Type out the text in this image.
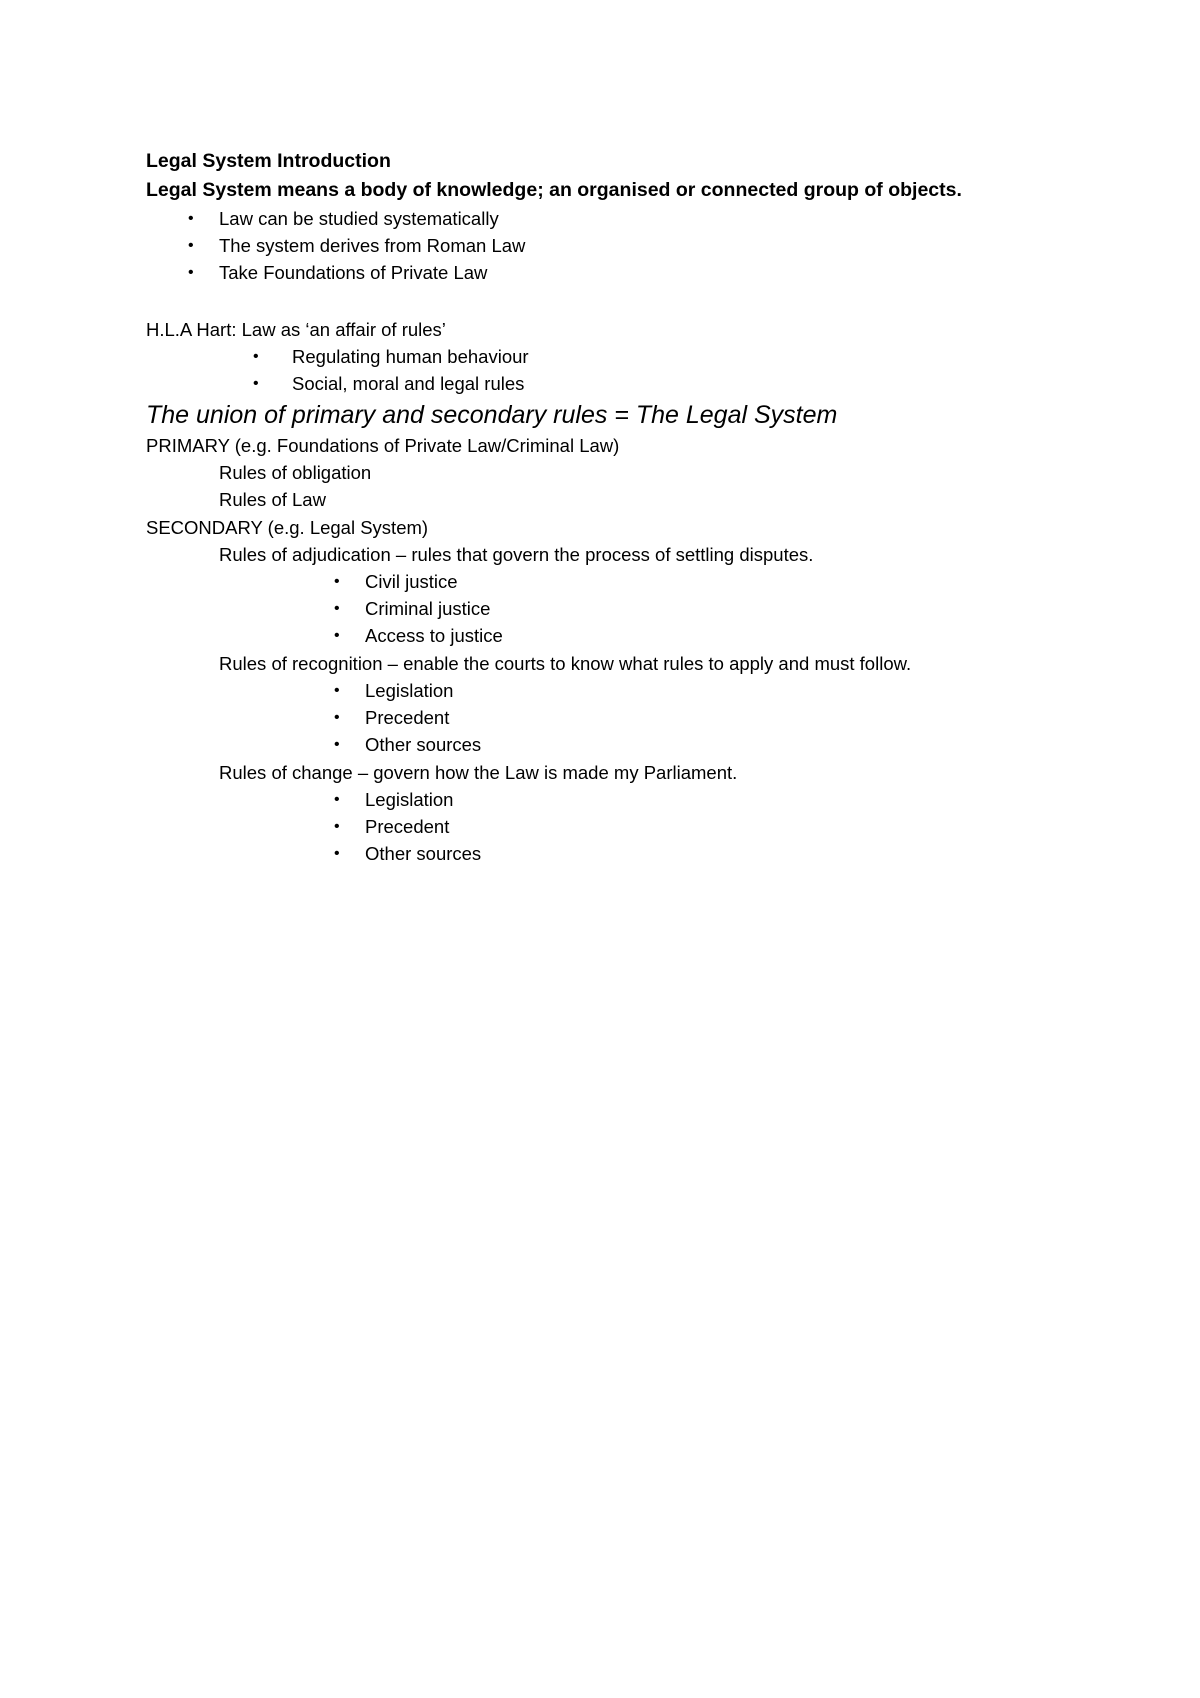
Legal System Introduction
Legal System means a body of knowledge; an organised or connected group of objects.
• Law can be studied systematically
• The system derives from Roman Law
• Take Foundations of Private Law
H.L.A Hart: Law as ‘an affair of rules’
• Regulating human behaviour
• Social, moral and legal rules
The union of primary and secondary rules = The Legal System
PRIMARY (e.g. Foundations of Private Law/Criminal Law)
Rules of obligation
Rules of Law
SECONDARY (e.g. Legal System)
Rules of adjudication – rules that govern the process of settling disputes.
• Civil justice
• Criminal justice
• Access to justice
Rules of recognition – enable the courts to know what rules to apply and must follow.
• Legislation
• Precedent
• Other sources
Rules of change – govern how the Law is made my Parliament.
• Legislation
• Precedent
• Other sources
